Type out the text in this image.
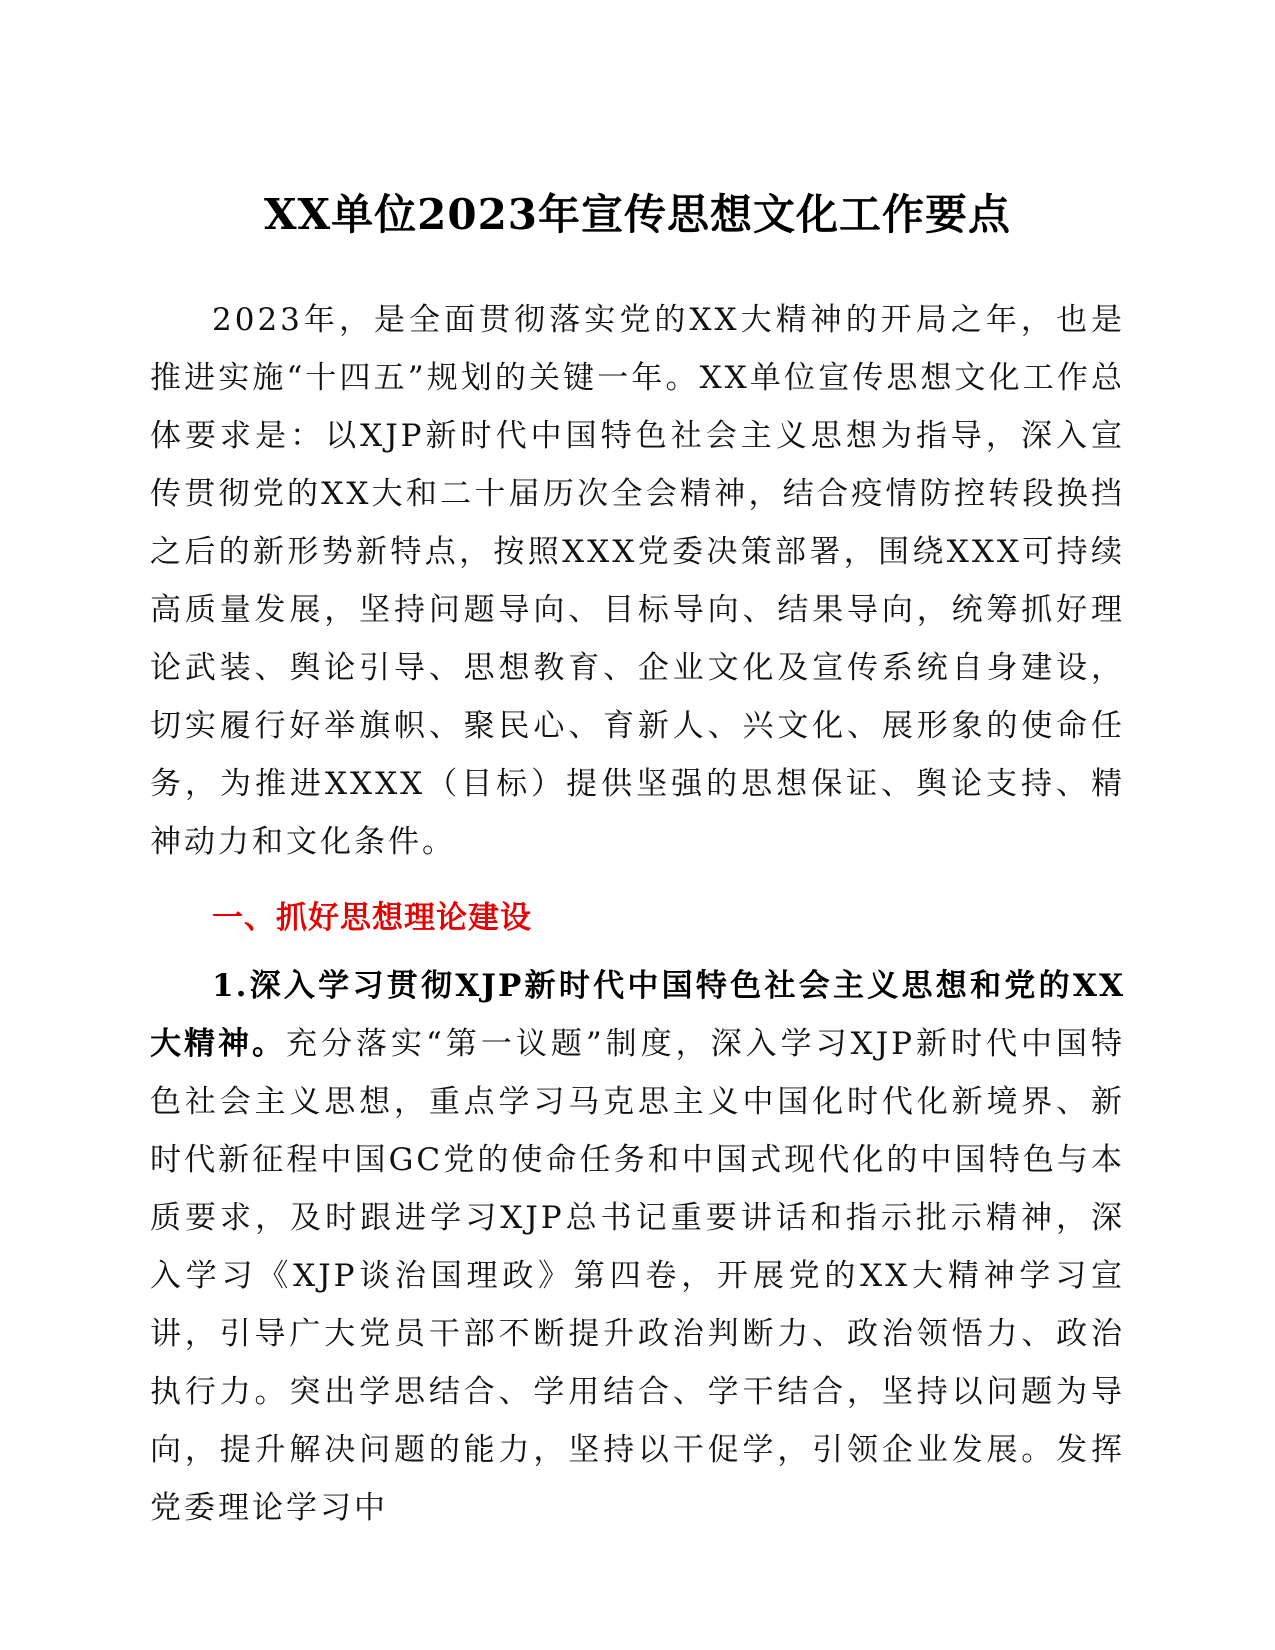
XX单位2023年宣传思想文化工作要点

2023年，是全面贯彻落实党的XX大精神的开局之年，也是推进实施“十四五”规划的关键一年。XX单位宣传思想文化工作总体要求是：以XJP新时代中国特色社会主义思想为指导，深入宣传贯彻党的XX大和二十届历次全会精神，结合疫情防控转段换挡之后的新形势新特点，按照XXX党委决策部署，围绕XXX可持续高质量发展，坚持问题导向、目标导向、结果导向，统筹抓好理论武装、舆论引导、思想教育、企业文化及宣传系统自身建设，切实履行好举旗帜、聚民心、育新人、兴文化、展形象的使命任务，为推进XXXX（目标）提供坚强的思想保证、舆论支持、精神动力和文化条件。

一、抓好思想理论建设

1.深入学习贯彻XJP新时代中国特色社会主义思想和党的XX大精神。充分落实“第一议题”制度，深入学习XJP新时代中国特色社会主义思想，重点学习马克思主义中国化时代化新境界、新时代新征程中国GC党的使命任务和中国式现代化的中国特色与本质要求，及时跟进学习XJP总书记重要讲话和指示批示精神，深入学习《XJP谈治国理政》第四卷，开展党的XX大精神学习宣讲，引导广大党员干部不断提升政治判断力、政治领悟力、政治执行力。突出学思结合、学用结合、学干结合，坚持以问题为导向，提升解决问题的能力，坚持以干促学，引领企业发展。发挥党委理论学习中
